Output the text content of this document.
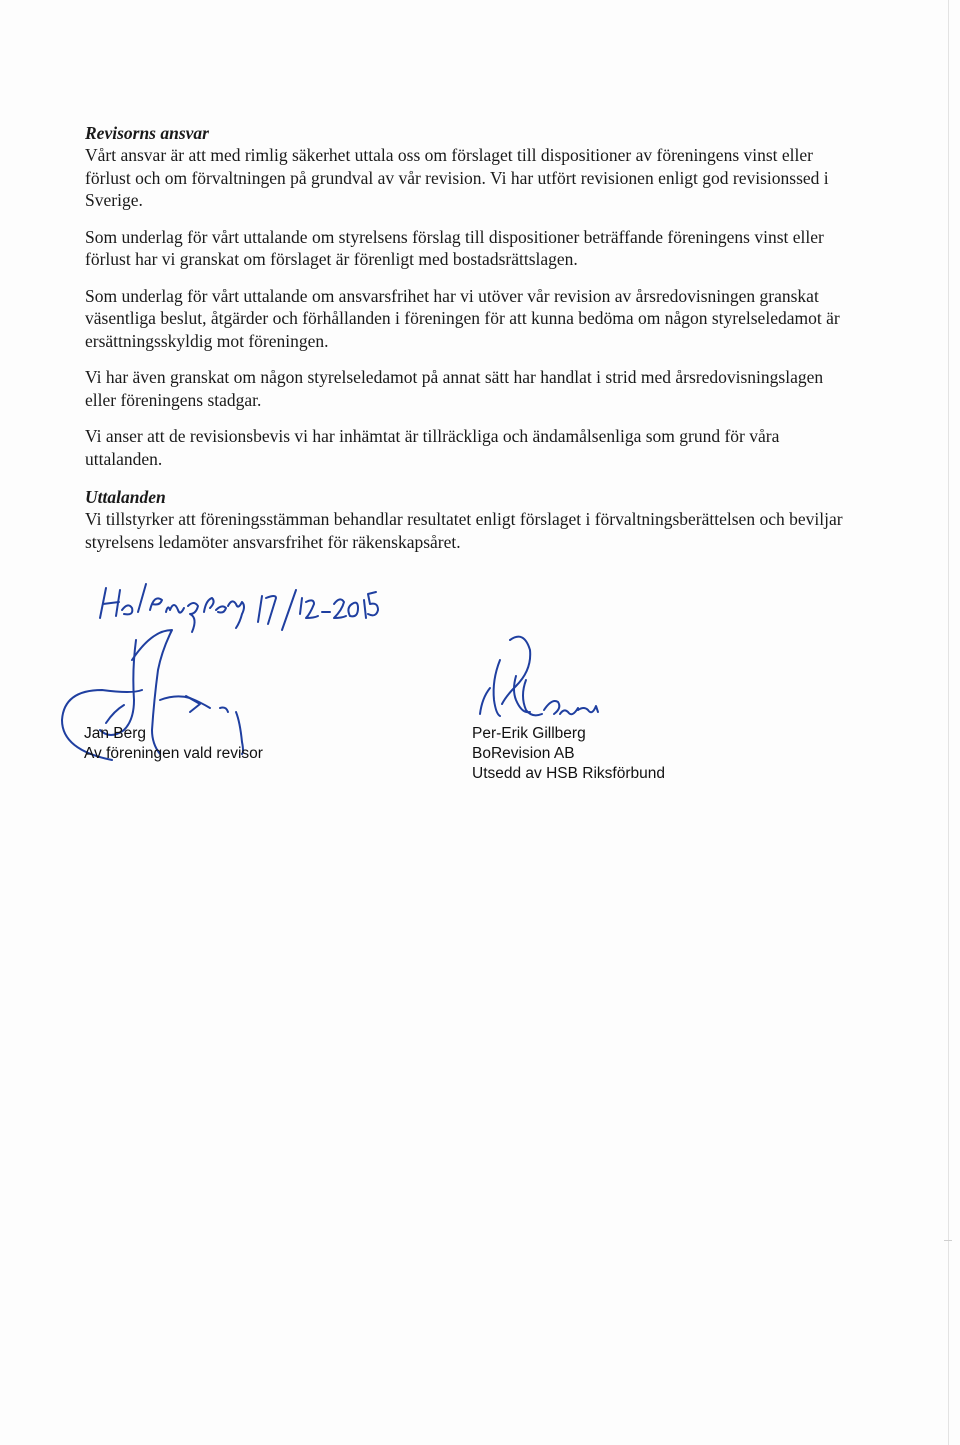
Revisorns ansvar

Vårt ansvar är att med rimlig säkerhet uttala oss om förslaget till dispositioner av föreningens vinst eller förlust och om förvaltningen på grundval av vår revision. Vi har utfört revisionen enligt god revisionssed i Sverige.

Som underlag för vårt uttalande om styrelsens förslag till dispositioner beträffande föreningens vinst eller förlust har vi granskat om förslaget är förenligt med bostadsrättslagen.

Som underlag för vårt uttalande om ansvarsfrihet har vi utöver vår revision av årsredovisningen granskat väsentliga beslut, åtgärder och förhållanden i föreningen för att kunna bedöma om någon styrelseledamot är ersättningsskyldig mot föreningen.

Vi har även granskat om någon styrelseledamot på annat sätt har handlat i strid med årsredovisningslagen eller föreningens stadgar.

Vi anser att de revisionsbevis vi har inhämtat är tillräckliga och ändamålsenliga som grund för våra uttalanden.

Uttalanden

Vi tillstyrker att föreningsstämman behandlar resultatet enligt förslaget i förvaltningsberättelsen och beviljar styrelsens ledamöter ansvarsfrihet för räkenskapsåret.

Jan Berg
Av föreningen vald revisor
Per-Erik Gillberg
BoRevision AB
Utsedd av HSB Riksförbund
